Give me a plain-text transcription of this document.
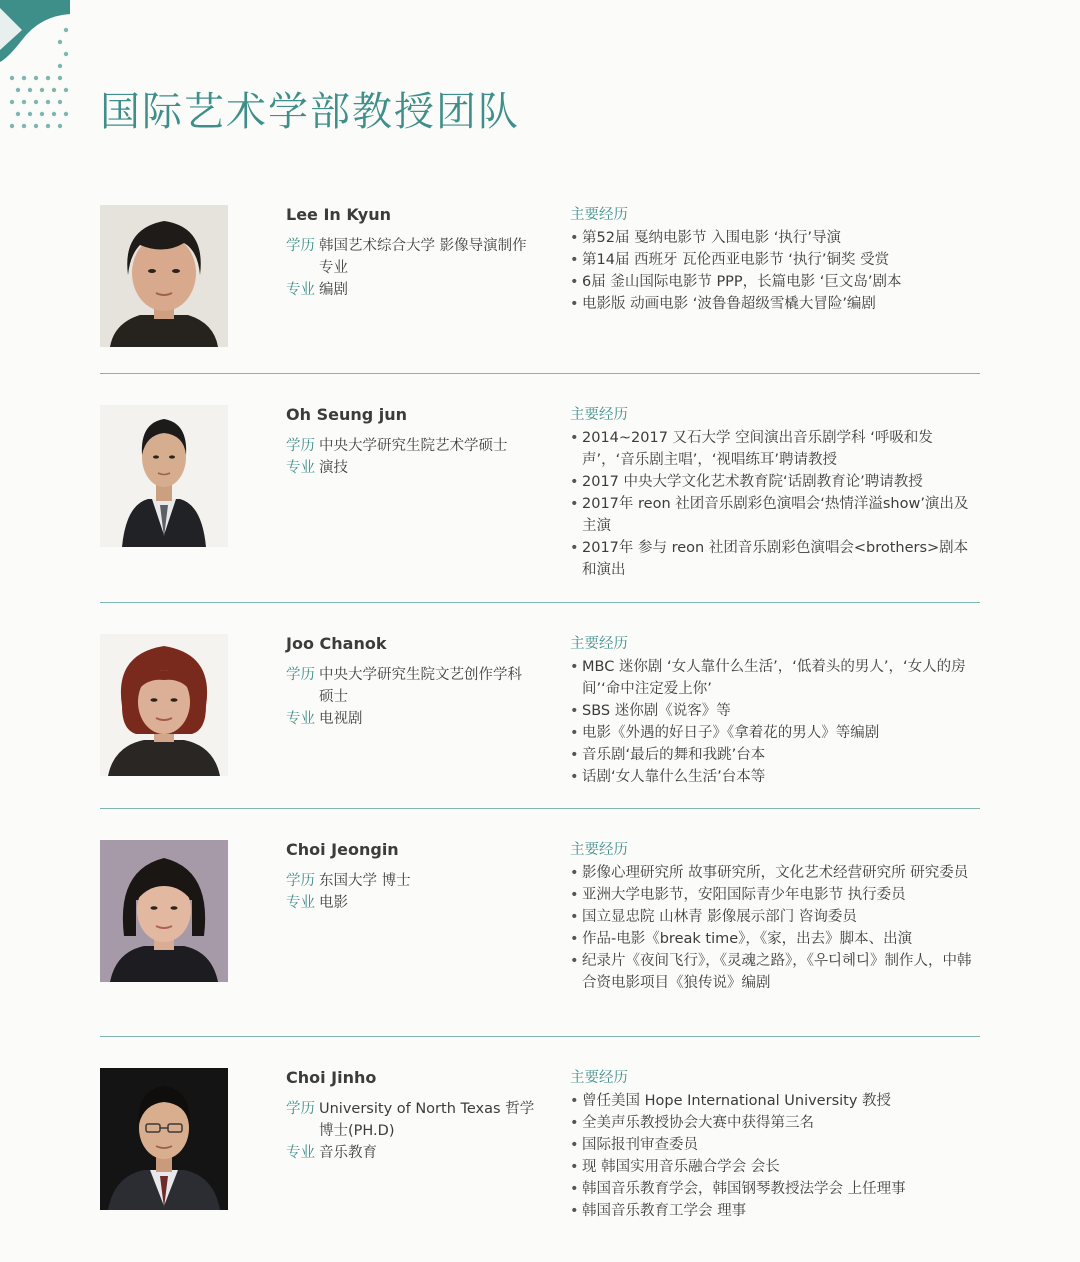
国际艺术学部教授团队
Lee In Kyun
学历 韩国艺术综合大学 影像导演制作专业
专业 编剧
主要经历
• 第52届 戛纳电影节 入围电影 ‘执行’导演
• 第14届 西班牙 瓦伦西亚电影节 ‘执行’铜奖 受赏
• 6届 釜山国际电影节 PPP，长篇电影 ‘巨文岛’剧本
• 电影版 动画电影 ‘波鲁鲁超级雪橇大冒险’编剧
Oh Seung jun
学历 中央大学研究生院艺术学硕士
专业 演技
主要经历
• 2014~2017 又石大学 空间演出音乐剧学科 ‘呼吸和发声’，‘音乐剧主唱’，‘视唱练耳’聘请教授
• 2017 中央大学文化艺术教育院‘话剧教育论’聘请教授
• 2017年 reon 社团音乐剧彩色演唱会‘热情洋溢show’演出及主演
• 2017年 参与 reon 社团音乐剧彩色演唱会<brothers>剧本和演出
Joo Chanok
学历 中央大学研究生院文艺创作学科硕士
专业 电视剧
主要经历
• MBC 迷你剧 ‘女人靠什么生活’，‘低着头的男人’，‘女人的房间’‘命中注定爱上你’
• SBS 迷你剧《说客》等
• 电影《外遇的好日子》《拿着花的男人》等编剧
• 音乐剧‘最后的舞和我跳’台本
• 话剧‘女人靠什么生活’台本等
Choi Jeongin
学历 东国大学 博士
专业 电影
主要经历
• 影像心理研究所 故事研究所，文化艺术经营研究所 研究委员
• 亚洲大学电影节，安阳国际青少年电影节 执行委员
• 国立显忠院 山林青 影像展示部门 咨询委员
• 作品-电影《break time》，《家，出去》脚本、出演
• 纪录片《夜间飞行》，《灵魂之路》，《우디헤디》制作人，中韩合资电影项目《狼传说》编剧
Choi Jinho
学历 University of North Texas 哲学博士(PH.D)
专业 音乐教育
主要经历
• 曾任美国 Hope International University 教授
• 全美声乐教授协会大赛中获得第三名
• 国际报刊审查委员
• 现 韩国实用音乐融合学会 会长
• 韩国音乐教育学会，韩国钢琴教授法学会 上任理事
• 韩国音乐教育工学会 理事
